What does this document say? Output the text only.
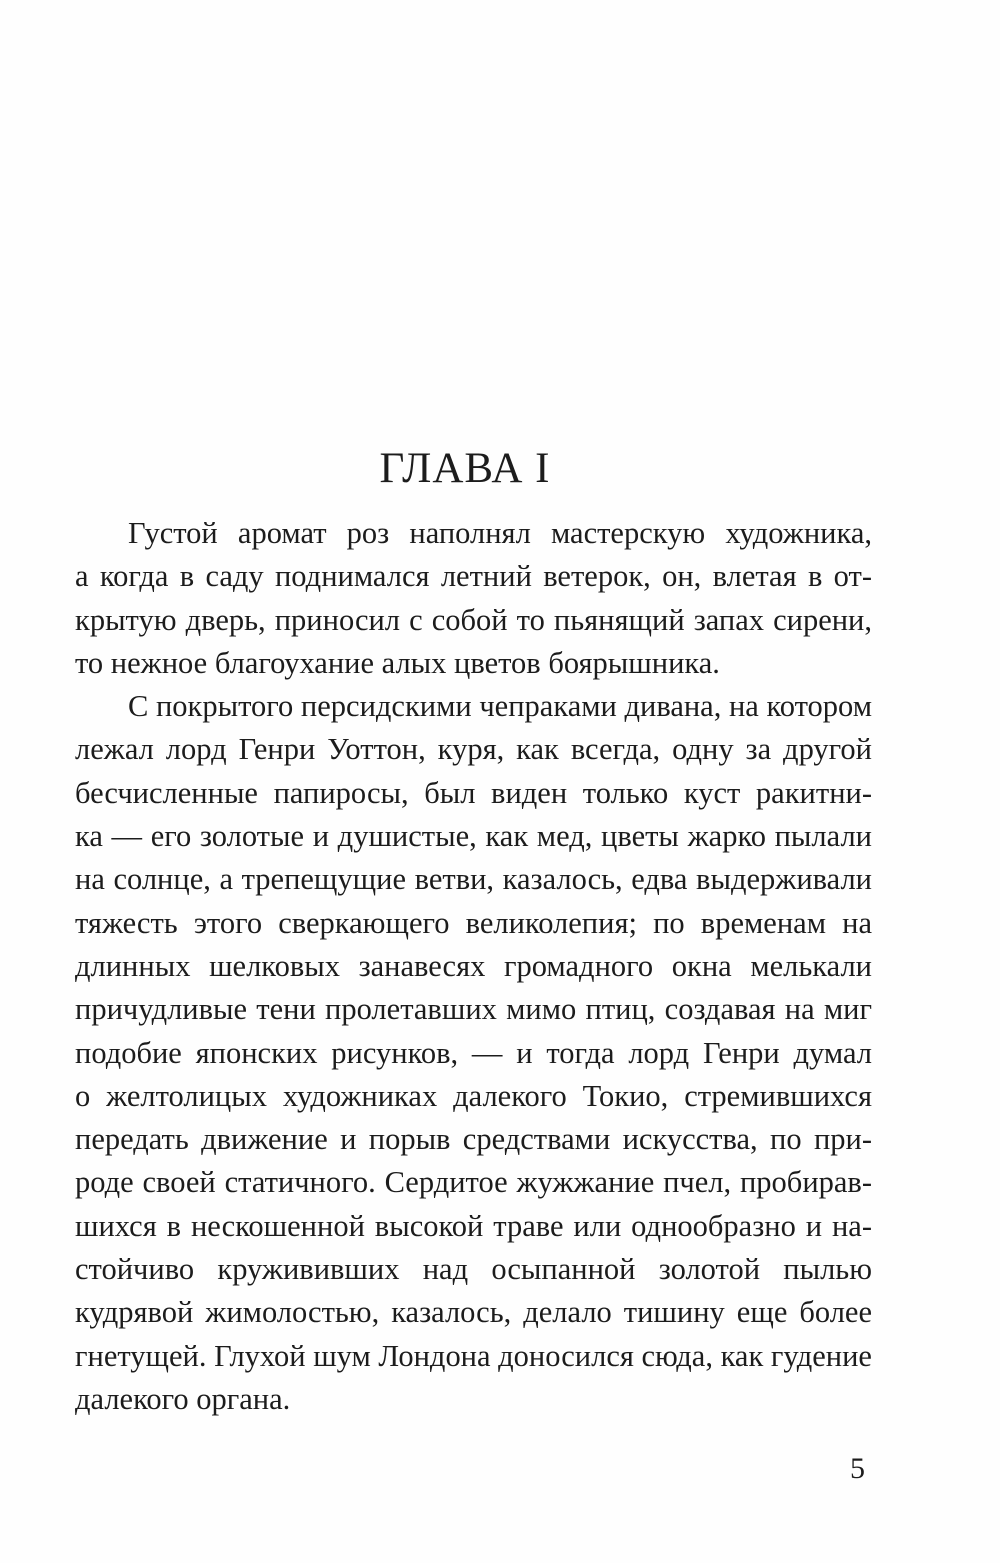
ГЛАВА I
Густой аромат роз наполнял мастерскую художника,
а когда в саду поднимался летний ветерок, он, влетая в от-
крытую дверь, приносил с собой то пьянящий запах сирени,
то нежное благоухание алых цветов боярышника.
С покрытого персидскими чепраками дивана, на котором
лежал лорд Генри Уоттон, куря, как всегда, одну за другой
бесчисленные папиросы, был виден только куст ракитни-
ка — его золотые и душистые, как мед, цветы жарко пылали
на солнце, а трепещущие ветви, казалось, едва выдерживали
тяжесть этого сверкающего великолепия; по временам на
длинных шелковых занавесях громадного окна мелькали
причудливые тени пролетавших мимо птиц, создавая на миг
подобие японских рисунков, — и тогда лорд Генри думал
о желтолицых художниках далекого Токио, стремившихся
передать движение и порыв средствами искусства, по при-
роде своей статичного. Сердитое жужжание пчел, пробирав-
шихся в нескошенной высокой траве или однообразно и на-
стойчиво кружививших над осыпанной золотой пылью
кудрявой жимолостью, казалось, делало тишину еще более
гнетущей. Глухой шум Лондона доносился сюда, как гудение
далекого органа.
5
